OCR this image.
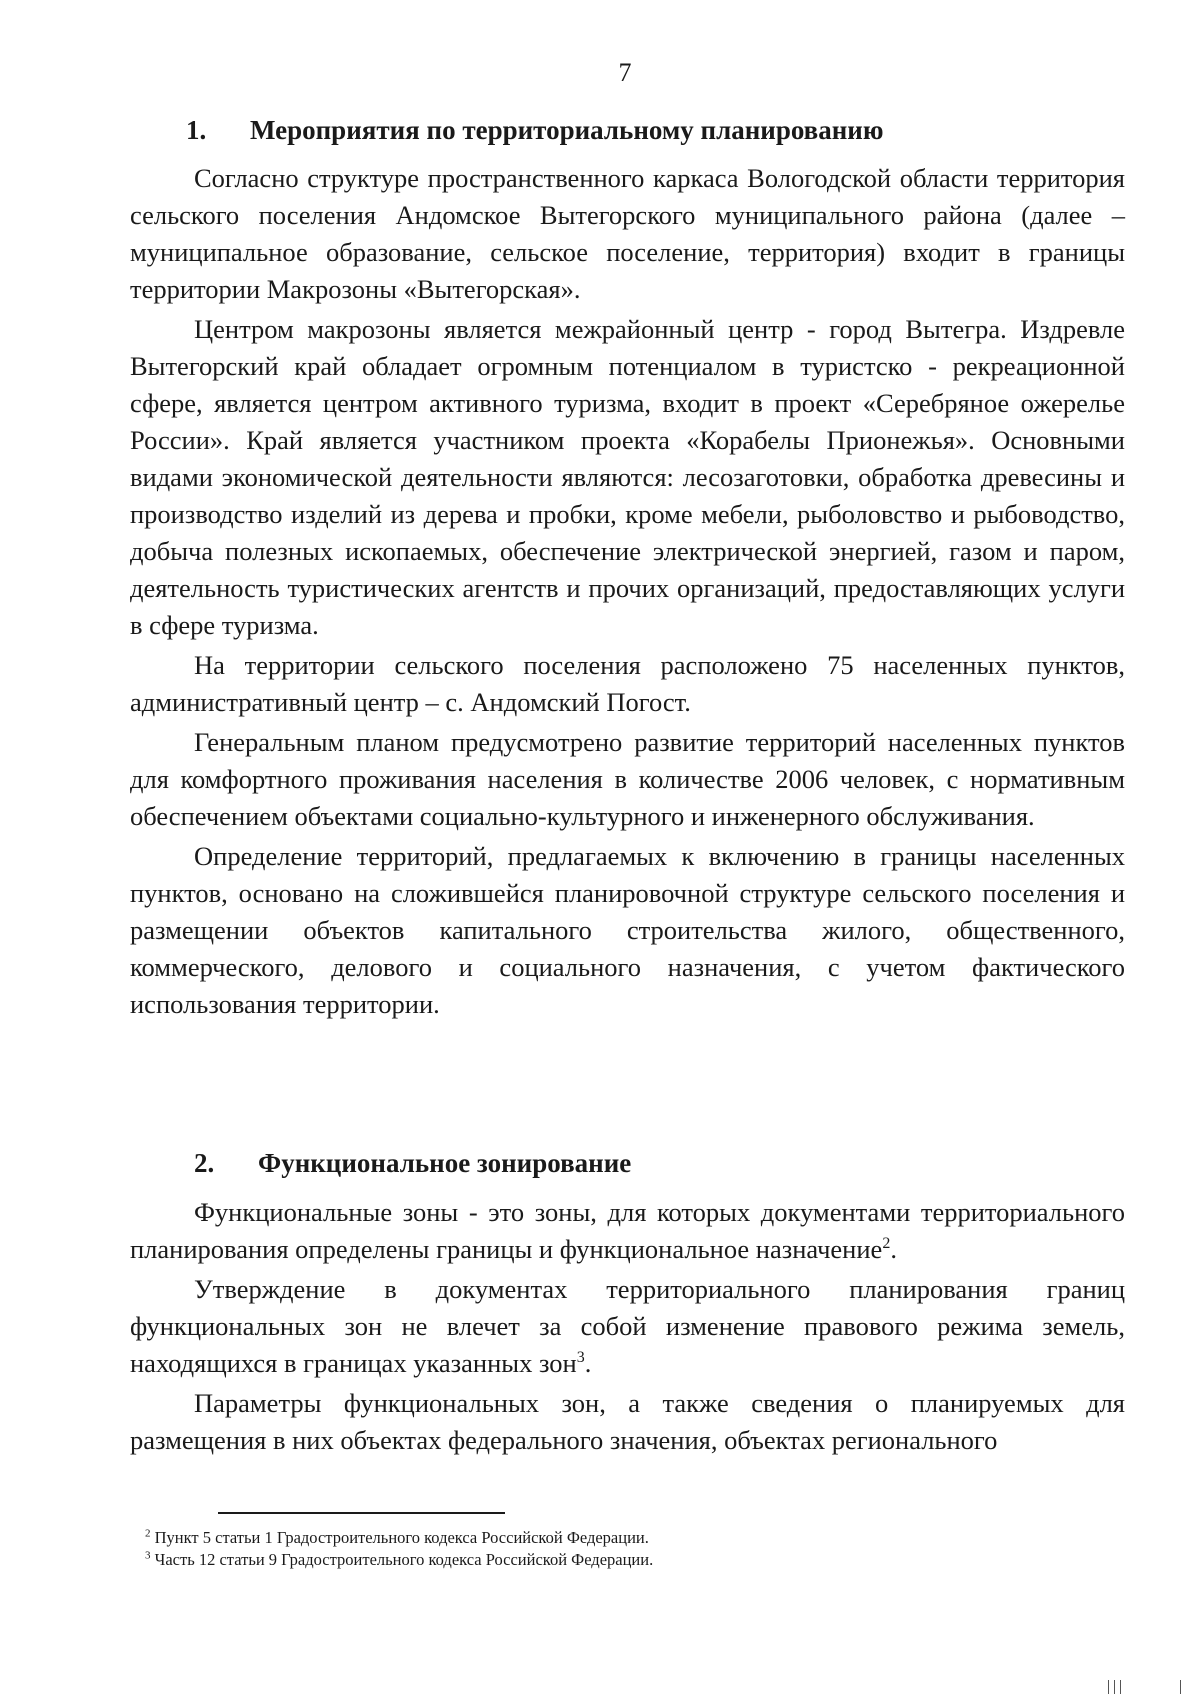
7
1.	Мероприятия по территориальному планированию

Согласно структуре пространственного каркаса Вологодской области территория сельского поселения Андомское Вытегорского муниципального района (далее – муниципальное образование, сельское поселение, территория) входит в границы территории Макрозоны «Вытегорская».

Центром макрозоны является межрайонный центр - город Вытегра. Издревле Вытегорский край обладает огромным потенциалом в туристско - рекреационной сфере, является центром активного туризма, входит в проект «Серебряное ожерелье России». Край является участником проекта «Корабелы Прионежья». Основными видами экономической деятельности являются: лесозаготовки, обработка древесины и производство изделий из дерева и пробки, кроме мебели, рыболовство и рыбоводство, добыча полезных ископаемых, обеспечение электрической энергией, газом и паром, деятельность туристических агентств и прочих организаций, предоставляющих услуги в сфере туризма.

На территории сельского поселения расположено 75 населенных пунктов, административный центр – с. Андомский Погост.

Генеральным планом предусмотрено развитие территорий населенных пунктов для комфортного проживания населения в количестве 2006 человек, с нормативным обеспечением объектами социально-культурного и инженерного обслуживания.

Определение территорий, предлагаемых к включению в границы населенных пунктов, основано на сложившейся планировочной структуре сельского поселения и размещении объектов капитального строительства жилого, общественного, коммерческого, делового и социального назначения, с учетом фактического использования территории.

2.	Функциональное зонирование

Функциональные зоны - это зоны, для которых документами территориального планирования определены границы и функциональное назначение$^2$.

Утверждение в документах территориального планирования границ функциональных зон не влечет за собой изменение правового режима земель, находящихся в границах указанных зон$^3$.

Параметры функциональных зон, а также сведения о планируемых для размещения в них объектах федерального значения, объектах регионального

$^2$ Пункт 5 статьи 1 Градостроительного кодекса Российской Федерации.

$^3$ Часть 12 статьи 9 Градостроительного кодекса Российской Федерации.
